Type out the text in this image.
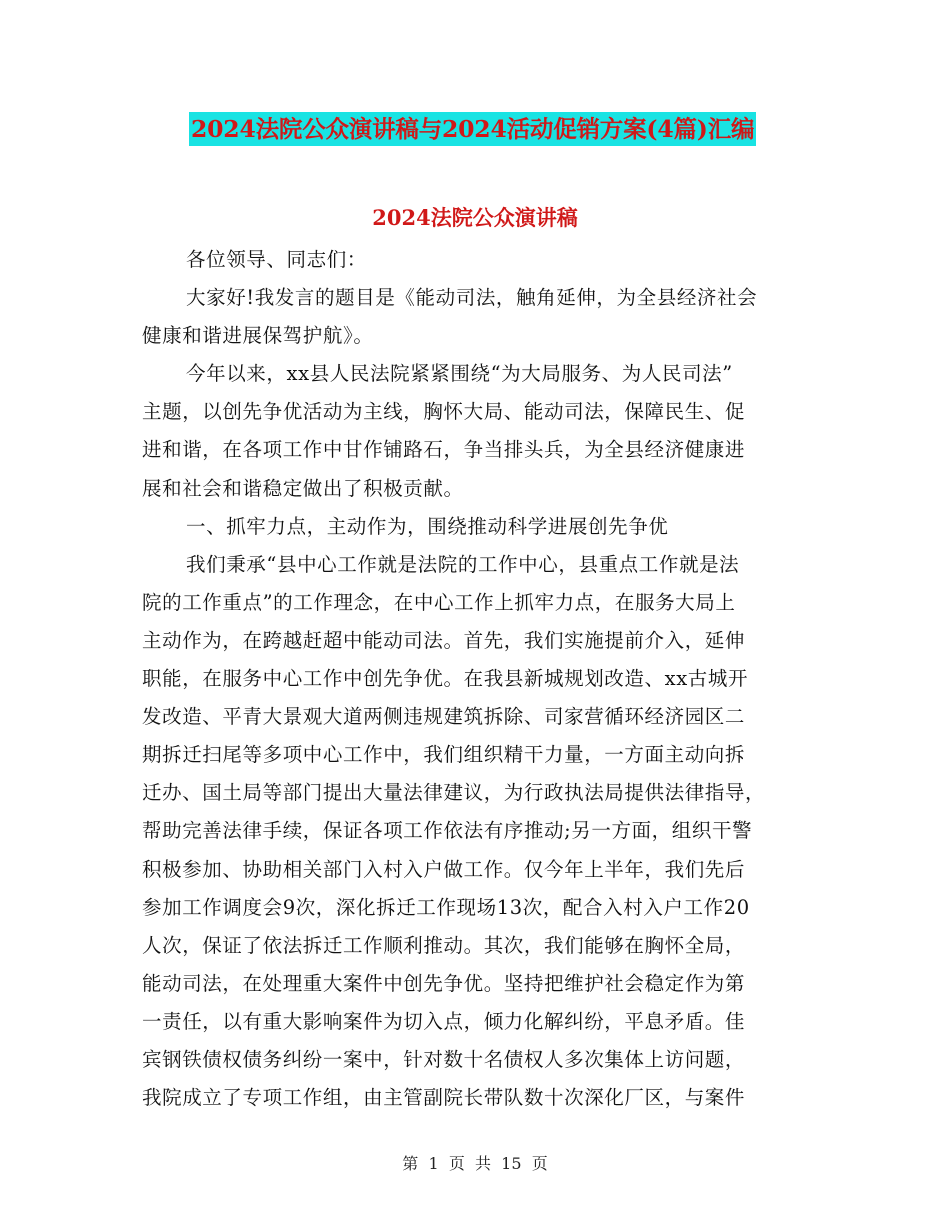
2024法院公众演讲稿与2024活动促销方案(4篇)汇编
2024法院公众演讲稿
各位领导、同志们：
大家好!我发言的题目是《能动司法，触角延伸，为全县经济社会
健康和谐进展保驾护航》。
今年以来，xx县人民法院紧紧围绕“为大局服务、为人民司法”
主题，以创先争优活动为主线，胸怀大局、能动司法，保障民生、促
进和谐，在各项工作中甘作铺路石，争当排头兵，为全县经济健康进
展和社会和谐稳定做出了积极贡献。
一、抓牢力点，主动作为，围绕推动科学进展创先争优
我们秉承“县中心工作就是法院的工作中心，县重点工作就是法
院的工作重点”的工作理念，在中心工作上抓牢力点，在服务大局上
主动作为，在跨越赶超中能动司法。首先，我们实施提前介入，延伸
职能，在服务中心工作中创先争优。在我县新城规划改造、xx古城开
发改造、平青大景观大道两侧违规建筑拆除、司家营循环经济园区二
期拆迁扫尾等多项中心工作中，我们组织精干力量，一方面主动向拆
迁办、国土局等部门提出大量法律建议，为行政执法局提供法律指导，
帮助完善法律手续，保证各项工作依法有序推动;另一方面，组织干警
积极参加、协助相关部门入村入户做工作。仅今年上半年，我们先后
参加工作调度会9次，深化拆迁工作现场13次，配合入村入户工作20
人次，保证了依法拆迁工作顺利推动。其次，我们能够在胸怀全局，
能动司法，在处理重大案件中创先争优。坚持把维护社会稳定作为第
一责任，以有重大影响案件为切入点，倾力化解纠纷，平息矛盾。佳
宾钢铁债权债务纠纷一案中，针对数十名债权人多次集体上访问题，
我院成立了专项工作组，由主管副院长带队数十次深化厂区，与案件
第  1  页  共  15  页
